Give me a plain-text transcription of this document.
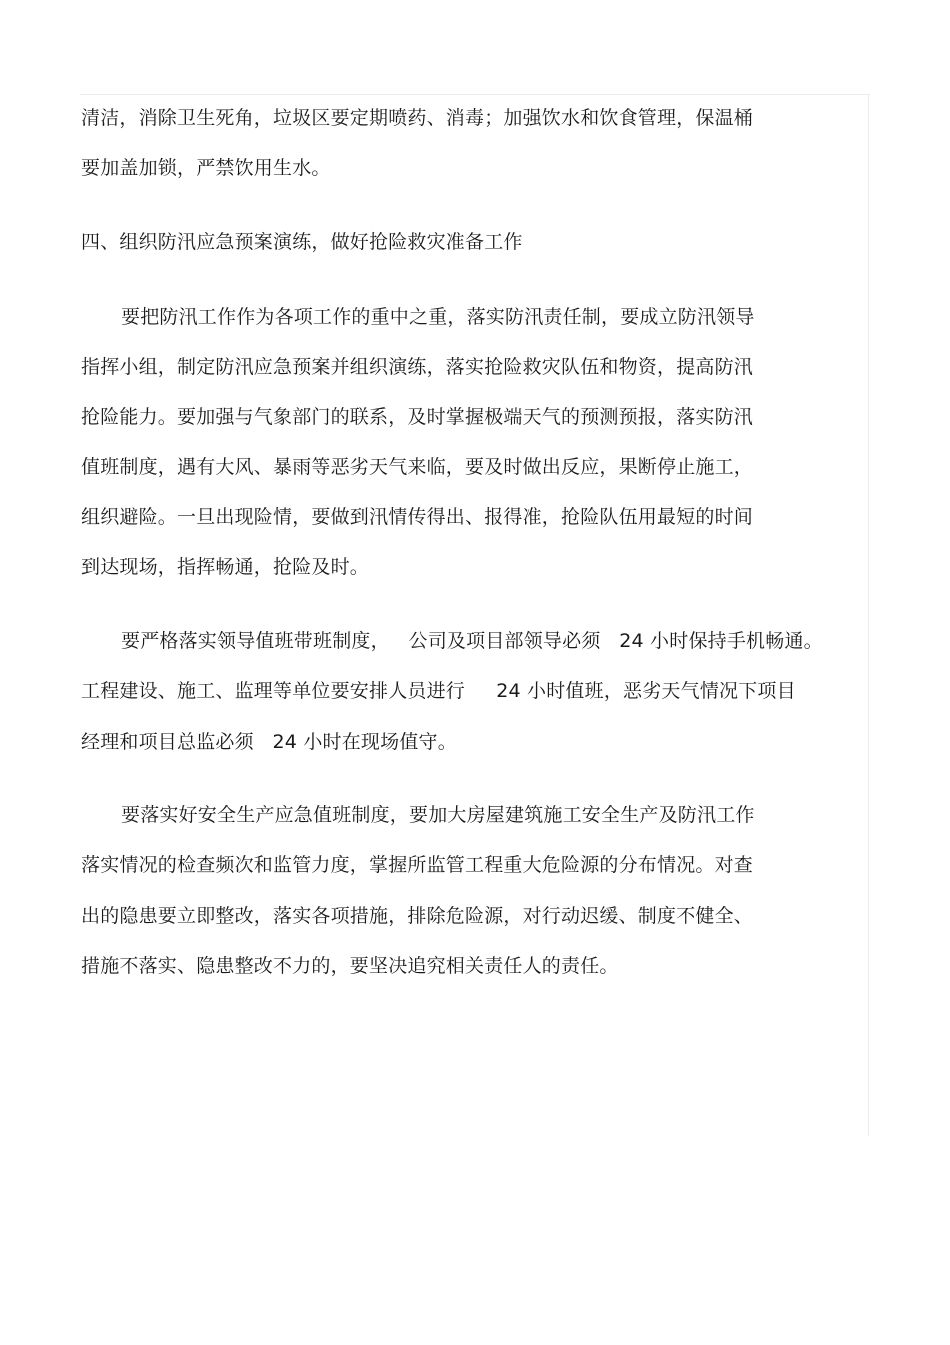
清洁，消除卫生死角，垃圾区要定期喷药、消毒；加强饮水和饮食管理，保温桶
要加盖加锁，严禁饮用生水。
四、组织防汛应急预案演练，做好抢险救灾准备工作
要把防汛工作作为各项工作的重中之重，落实防汛责任制，要成立防汛领导
指挥小组，制定防汛应急预案并组织演练，落实抢险救灾队伍和物资，提高防汛
抢险能力。要加强与气象部门的联系，及时掌握极端天气的预测预报，落实防汛
值班制度，遇有大风、暴雨等恶劣天气来临，要及时做出反应，果断停止施工，
组织避险。一旦出现险情，要做到汛情传得出、报得准，抢险队伍用最短的时间
到达现场，指挥畅通，抢险及时。
要严格落实领导值班带班制度，   公司及项目部领导必须   24 小时保持手机畅通。
工程建设、施工、监理等单位要安排人员进行     24 小时值班，恶劣天气情况下项目
经理和项目总监必须   24 小时在现场值守。
要落实好安全生产应急值班制度，要加大房屋建筑施工安全生产及防汛工作
落实情况的检查频次和监管力度，掌握所监管工程重大危险源的分布情况。对查
出的隐患要立即整改，落实各项措施，排除危险源，对行动迟缓、制度不健全、
措施不落实、隐患整改不力的，要坚决追究相关责任人的责任。
